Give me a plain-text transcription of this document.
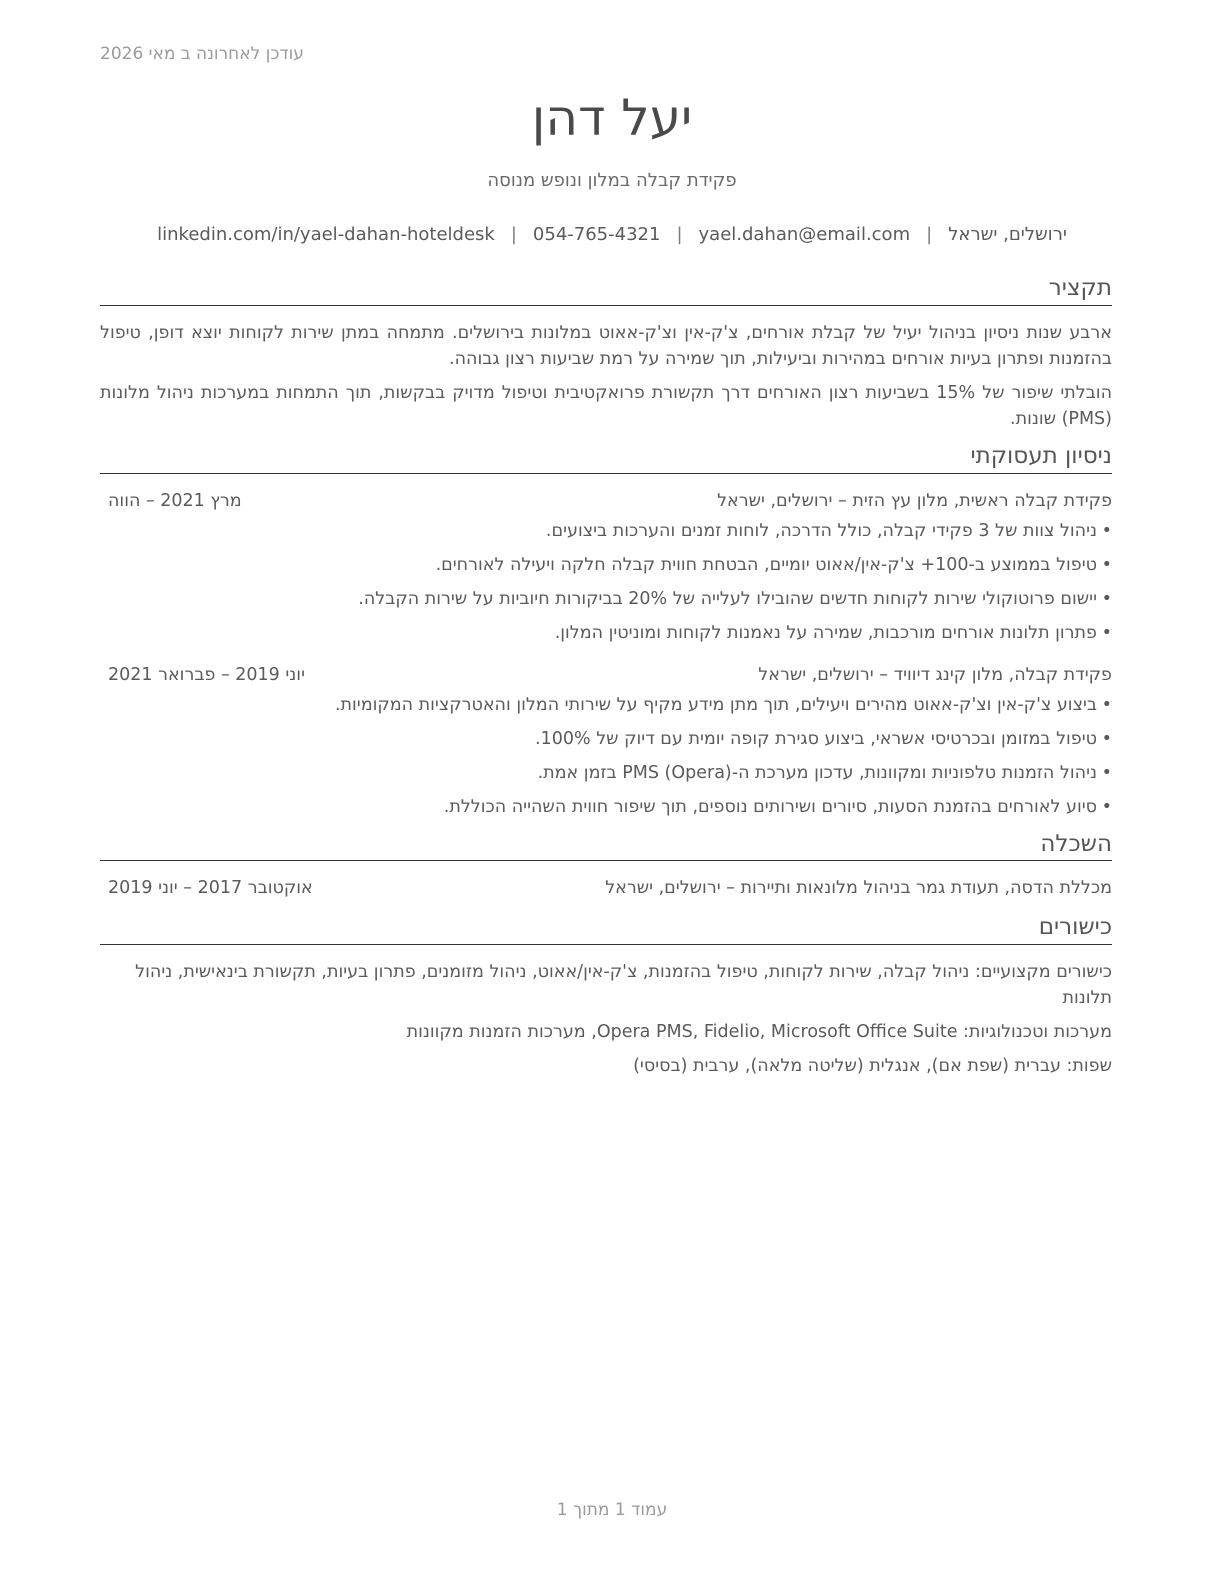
עודכן לאחרונה ב מאי 2026
יעל דהן
פקידת קבלה במלון ונופש מנוסה
ירושלים, ישראל|yael.dahan@email.com|054-765-4321|linkedin.com/in/yael-dahan-hoteldesk
תקציר

ארבע שנות ניסיון בניהול יעיל של קבלת אורחים, צ'ק-אין וצ'ק-אאוט במלונות בירושלים. מתמחה במתן שירות לקוחות יוצא דופן, טיפול בהזמנות ופתרון בעיות אורחים במהירות וביעילות, תוך שמירה על רמת שביעות רצון גבוהה.

הובלתי שיפור של 15% בשביעות רצון האורחים דרך תקשורת פרואקטיבית וטיפול מדויק בבקשות, תוך התמחות במערכות ניהול מלונות (PMS) שונות.

ניסיון תעסוקתי
פקידת קבלה ראשית, מלון עץ הזית – ירושלים, ישראל
מרץ 2021 – הווה
• ניהול צוות של 3 פקידי קבלה, כולל הדרכה, לוחות זמנים והערכות ביצועים.
• טיפול בממוצע ב-100+ צ'ק-אין/אאוט יומיים, הבטחת חווית קבלה חלקה ויעילה לאורחים.
• יישום פרוטוקולי שירות לקוחות חדשים שהובילו לעלייה של 20% בביקורות חיוביות על שירות הקבלה.
• פתרון תלונות אורחים מורכבות, שמירה על נאמנות לקוחות ומוניטין המלון.
פקידת קבלה, מלון קינג דיוויד – ירושלים, ישראל
יוני 2019 – פברואר 2021
• ביצוע צ'ק-אין וצ'ק-אאוט מהירים ויעילים, תוך מתן מידע מקיף על שירותי המלון והאטרקציות המקומיות.
• טיפול במזומן ובכרטיסי אשראי, ביצוע סגירת קופה יומית עם דיוק של 100%.
• ניהול הזמנות טלפוניות ומקוונות, עדכון מערכת ה-PMS (Opera) בזמן אמת.
• סיוע לאורחים בהזמנת הסעות, סיורים ושירותים נוספים, תוך שיפור חווית השהייה הכוללת.
השכלה
מכללת הדסה, תעודת גמר בניהול מלונאות ותיירות – ירושלים, ישראל
אוקטובר 2017 – יוני 2019
כישורים

כישורים מקצועיים: ניהול קבלה, שירות לקוחות, טיפול בהזמנות, צ'ק-אין/אאוט, ניהול מזומנים, פתרון בעיות, תקשורת בינאישית, ניהול תלונות

מערכות וטכנולוגיות: Opera PMS, Fidelio, Microsoft Office Suite, מערכות הזמנות מקוונות

שפות: עברית (שפת אם), אנגלית (שליטה מלאה), ערבית (בסיסי)

עמוד 1 מתוך 1
